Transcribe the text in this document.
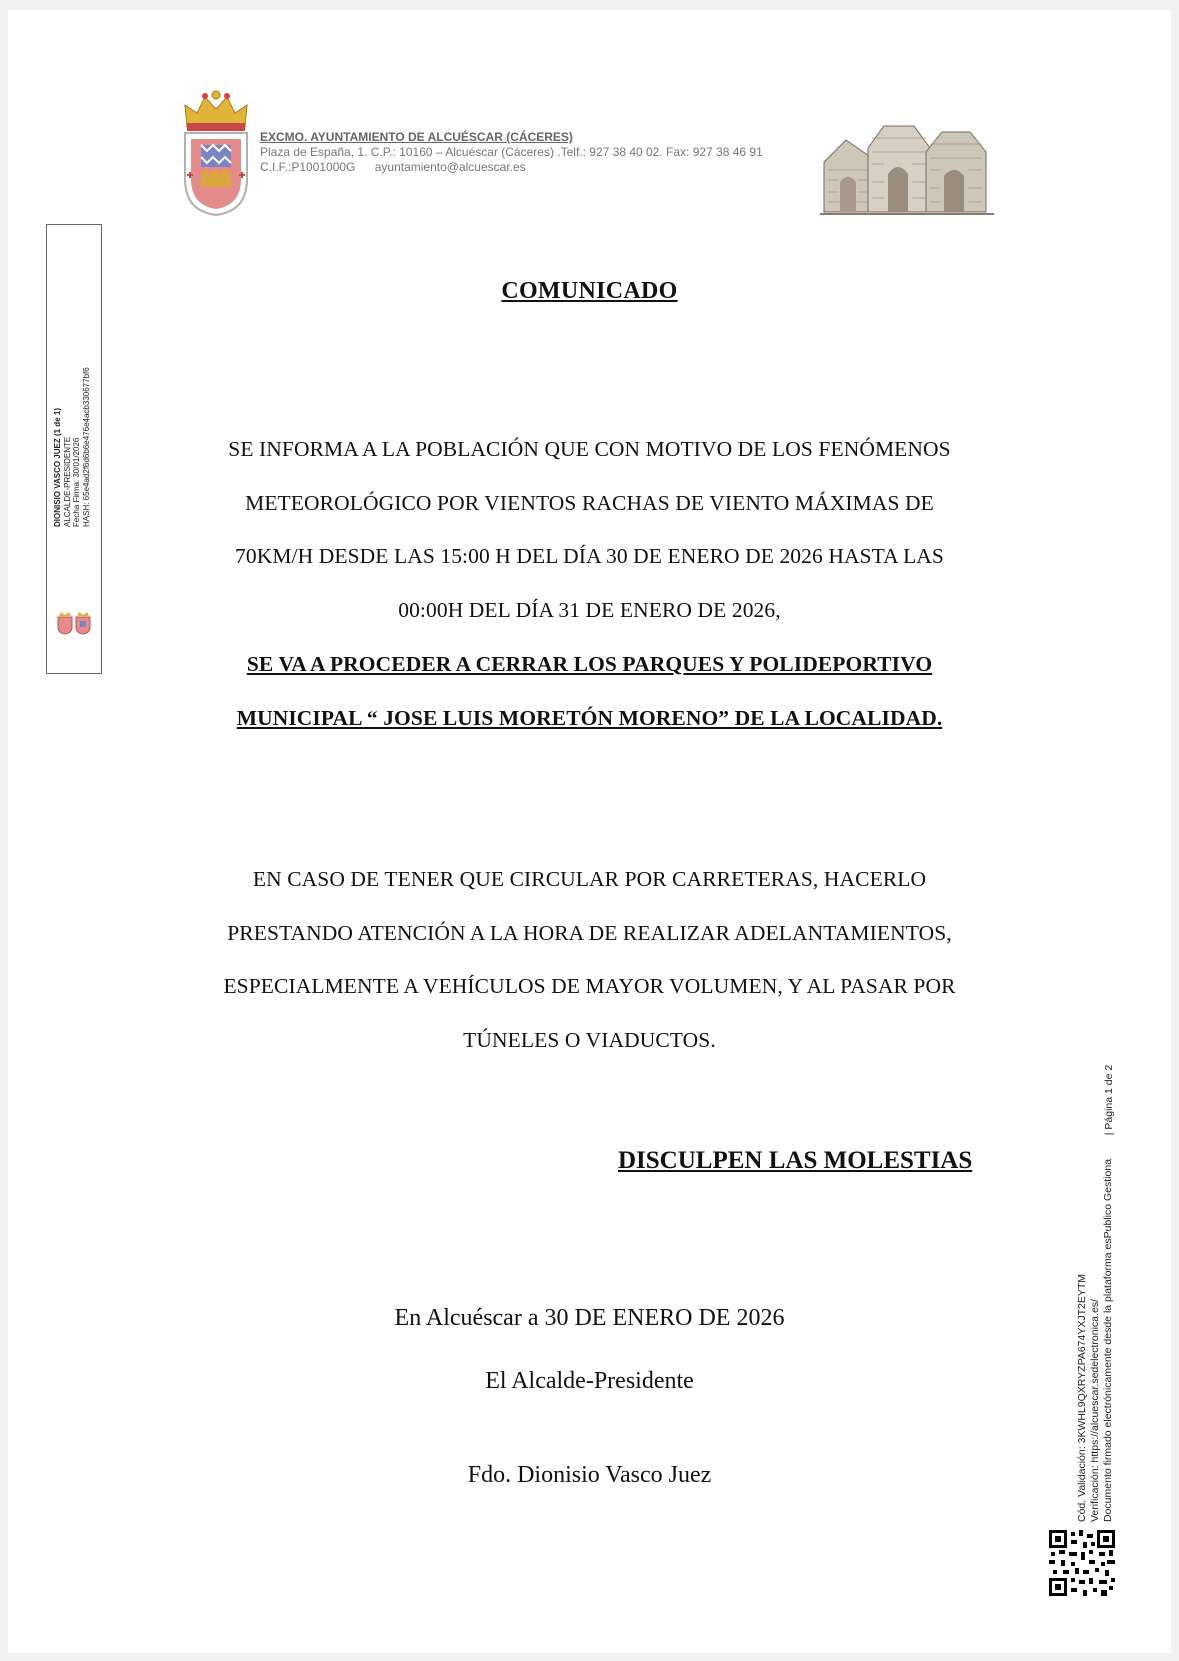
EXCMO. AYUNTAMIENTO DE ALCUÉSCAR (CÁCERES)
Plaza de España, 1. C.P.: 10160 – Alcuéscar (Cáceres) .Telf.: 927 38 40 02. Fax: 927 38 46 91
C.I.F.:P1001000G ayuntamiento@alcuescar.es
DIONISIO VASCO JUEZ (1 de 1) ALCALDE-PRESIDENTE Fecha Firma: 30/01/2026 HASH: 65e4ad2f6d6b6e476e4acb330677bf6
COMUNICADO
SE INFORMA A LA POBLACIÓN QUE CON MOTIVO DE LOS FENÓMENOS
METEOROLÓGICO POR VIENTOS RACHAS DE VIENTO MÁXIMAS DE
70KM/H DESDE LAS 15:00 H DEL DÍA 30 DE ENERO DE 2026 HASTA LAS
00:00H DEL DÍA 31 DE ENERO DE 2026,
SE VA A PROCEDER A CERRAR LOS PARQUES Y POLIDEPORTIVO
MUNICIPAL “ JOSE LUIS MORETÓN MORENO” DE LA LOCALIDAD.
EN CASO DE TENER QUE CIRCULAR POR CARRETERAS, HACERLO
PRESTANDO ATENCIÓN A LA HORA DE REALIZAR ADELANTAMIENTOS,
ESPECIALMENTE A VEHÍCULOS DE MAYOR VOLUMEN, Y AL PASAR POR
TÚNELES O VIADUCTOS.
DISCULPEN LAS MOLESTIAS
En Alcuéscar a 30 DE ENERO DE 2026
El Alcalde-Presidente
Fdo. Dionisio Vasco Juez	Cód. Validación: 3KWHL9QXRYZPA674YXJT2EYTM Verificación: https://alcuescar.sedelectronica.es/ Documento firmado electrónicamente desde la plataforma esPublico Gestiona
| Página 1 de 2
